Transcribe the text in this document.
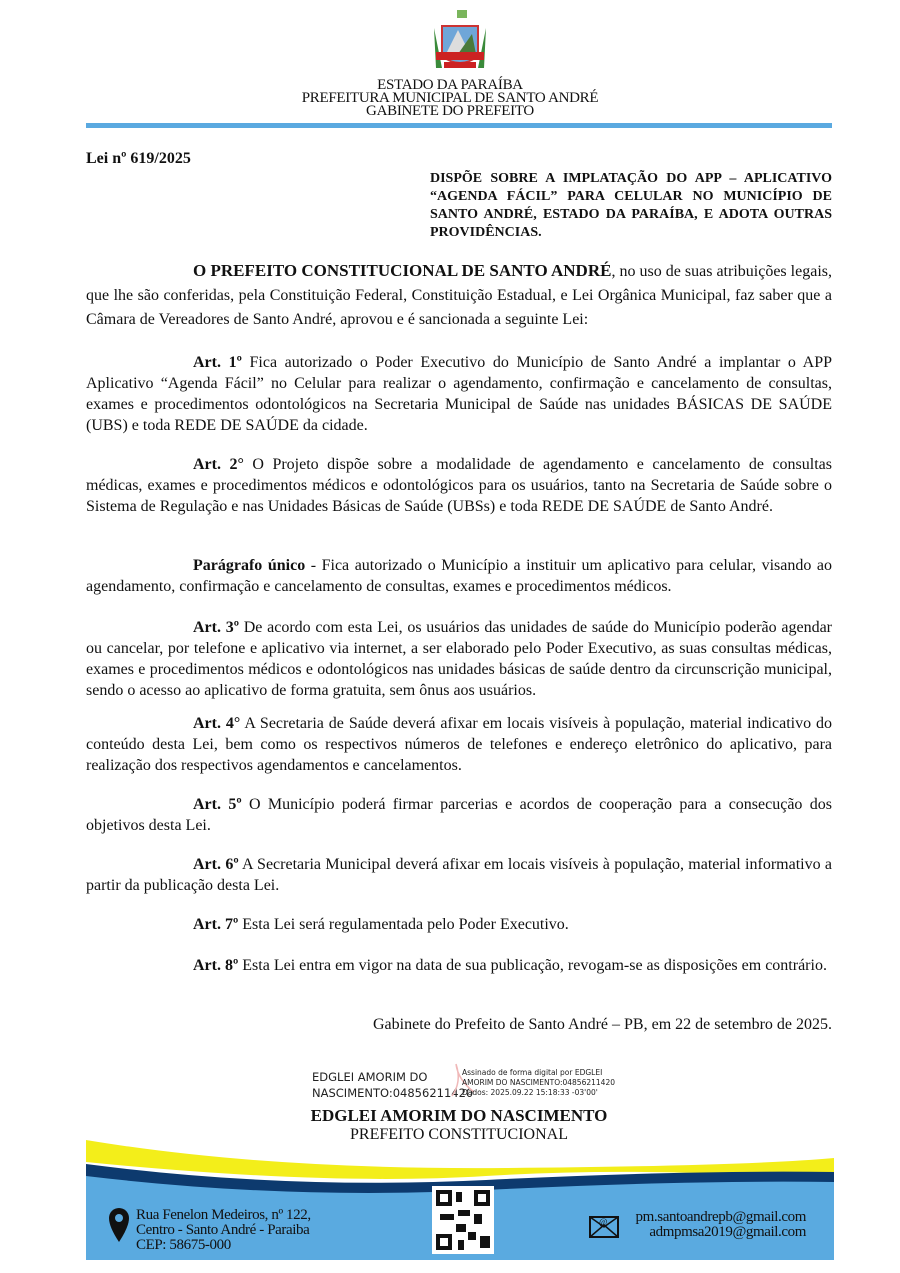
ESTADO DA PARAÍBA
PREFEITURA MUNICIPAL DE SANTO ANDRÉ
GABINETE DO PREFEITO
Lei nº 619/2025
DISPÕE SOBRE A IMPLATAÇÃO DO APP – APLICATIVO “AGENDA FÁCIL” PARA CELULAR NO MUNICÍPIO DE SANTO ANDRÉ, ESTADO DA PARAÍBA, E ADOTA OUTRAS PROVIDÊNCIAS.
O PREFEITO CONSTITUCIONAL DE SANTO ANDRÉ, no uso de suas atribuições legais, que lhe são conferidas, pela Constituição Federal, Constituição Estadual, e Lei Orgânica Municipal, faz saber que a Câmara de Vereadores de Santo André, aprovou e é sancionada a seguinte Lei:
Art. 1º Fica autorizado o Poder Executivo do Município de Santo André a implantar o APP Aplicativo “Agenda Fácil” no Celular para realizar o agendamento, confirmação e cancelamento de consultas, exames e procedimentos odontológicos na Secretaria Municipal de Saúde nas unidades BÁSICAS DE SAÚDE (UBS) e toda REDE DE SAÚDE da cidade.
Art. 2° O Projeto dispõe sobre a modalidade de agendamento e cancelamento de consultas médicas, exames e procedimentos médicos e odontológicos para os usuários, tanto na Secretaria de Saúde sobre o Sistema de Regulação e nas Unidades Básicas de Saúde (UBSs) e toda REDE DE SAÚDE de Santo André.
Parágrafo único - Fica autorizado o Município a instituir um aplicativo para celular, visando ao agendamento, confirmação e cancelamento de consultas, exames e procedimentos médicos.
Art. 3º De acordo com esta Lei, os usuários das unidades de saúde do Município poderão agendar ou cancelar, por telefone e aplicativo via internet, a ser elaborado pelo Poder Executivo, as suas consultas médicas, exames e procedimentos médicos e odontológicos nas unidades básicas de saúde dentro da circunscrição municipal, sendo o acesso ao aplicativo de forma gratuita, sem ônus aos usuários.
Art. 4° A Secretaria de Saúde deverá afixar em locais visíveis à população, material indicativo do conteúdo desta Lei, bem como os respectivos números de telefones e endereço eletrônico do aplicativo, para realização dos respectivos agendamentos e cancelamentos.
Art. 5º O Município poderá firmar parcerias e acordos de cooperação para a consecução dos objetivos desta Lei.
Art. 6º A Secretaria Municipal deverá afixar em locais visíveis à população, material informativo a partir da publicação desta Lei.
Art. 7º Esta Lei será regulamentada pelo Poder Executivo.
Art. 8º Esta Lei entra em vigor na data de sua publicação, revogam-se as disposições em contrário.
Gabinete do Prefeito de Santo André – PB, em 22 de setembro de 2025.
EDGLEI AMORIM DO
NASCIMENTO:04856211420
Assinado de forma digital por EDGLEI
AMORIM DO NASCIMENTO:04856211420
Dados: 2025.09.22 15:18:33 -03'00'
EDGLEI AMORIM DO NASCIMENTO
PREFEITO CONSTITUCIONAL
Rua Fenelon Medeiros, nº 122,
Centro - Santo André - Paraiba
CEP: 58675-000
@	pm.santoandrepb@gmail.com
admpmsa2019@gmail.com
